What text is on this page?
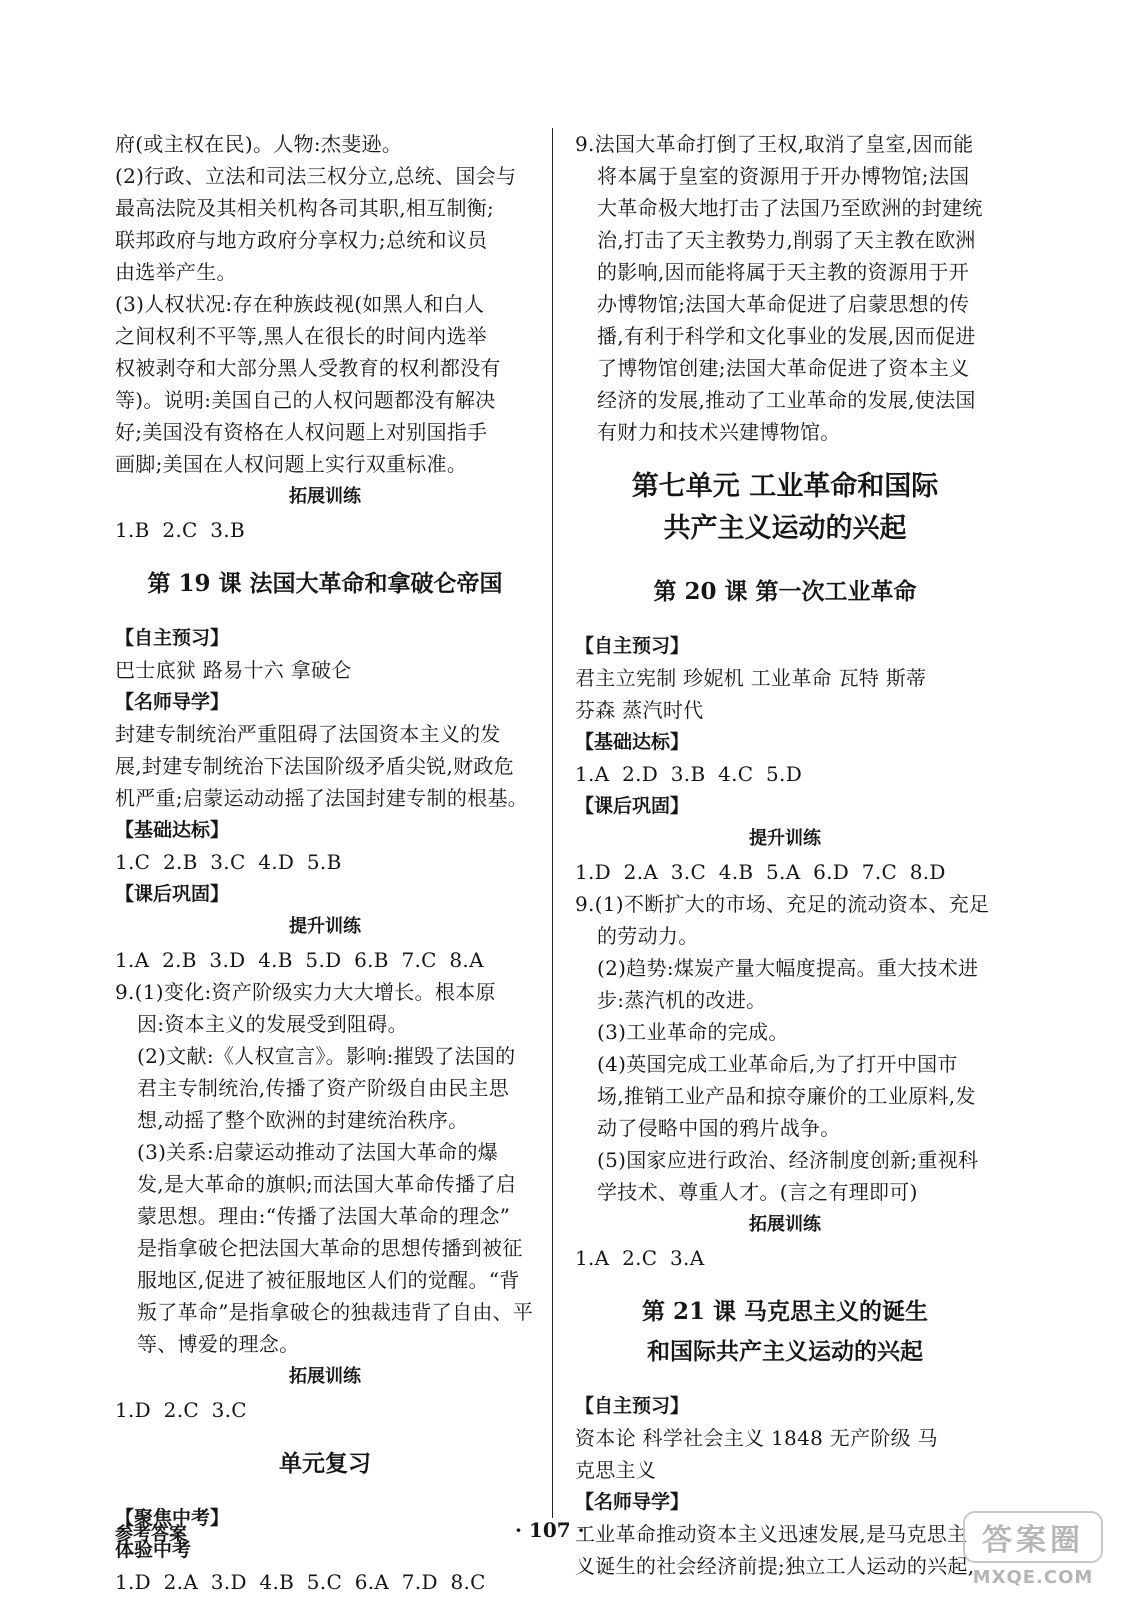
府(或主权在民)。人物:杰斐逊。
(2)行政、立法和司法三权分立,总统、国会与
最高法院及其相关机构各司其职,相互制衡;
联邦政府与地方政府分享权力;总统和议员
由选举产生。
(3)人权状况:存在种族歧视(如黑人和白人
之间权利不平等,黑人在很长的时间内选举
权被剥夺和大部分黑人受教育的权利都没有
等)。说明:美国自己的人权问题都没有解决
好;美国没有资格在人权问题上对别国指手
画脚;美国在人权问题上实行双重标准。
拓展训练
1.B 2.C 3.B
第 19 课 法国大革命和拿破仑帝国
【自主预习】
巴士底狱 路易十六 拿破仑
【名师导学】
封建专制统治严重阻碍了法国资本主义的发
展,封建专制统治下法国阶级矛盾尖锐,财政危
机严重;启蒙运动动摇了法国封建专制的根基。
【基础达标】
1.C 2.B 3.C 4.D 5.B
【课后巩固】
提升训练
1.A 2.B 3.D 4.B 5.D 6.B 7.C 8.A
9.(1)变化:资产阶级实力大大增长。根本原
因:资本主义的发展受到阻碍。
(2)文献:《人权宣言》。影响:摧毁了法国的
君主专制统治,传播了资产阶级自由民主思
想,动摇了整个欧洲的封建统治秩序。
(3)关系:启蒙运动推动了法国大革命的爆
发,是大革命的旗帜;而法国大革命传播了启
蒙思想。理由:“传播了法国大革命的理念”
是指拿破仑把法国大革命的思想传播到被征
服地区,促进了被征服地区人们的觉醒。“背
叛了革命”是指拿破仑的独裁违背了自由、平
等、博爱的理念。
拓展训练
1.D 2.C 3.C
单元复习
【聚焦中考】
体验中考
1.D 2.A 3.D 4.B 5.C 6.A 7.D 8.C
9.法国大革命打倒了王权,取消了皇室,因而能
将本属于皇室的资源用于开办博物馆;法国
大革命极大地打击了法国乃至欧洲的封建统
治,打击了天主教势力,削弱了天主教在欧洲
的影响,因而能将属于天主教的资源用于开
办博物馆;法国大革命促进了启蒙思想的传
播,有利于科学和文化事业的发展,因而促进
了博物馆创建;法国大革命促进了资本主义
经济的发展,推动了工业革命的发展,使法国
有财力和技术兴建博物馆。
第七单元 工业革命和国际
共产主义运动的兴起
第 20 课 第一次工业革命
【自主预习】
君主立宪制 珍妮机 工业革命 瓦特 斯蒂
芬森 蒸汽时代
【基础达标】
1.A 2.D 3.B 4.C 5.D
【课后巩固】
提升训练
1.D 2.A 3.C 4.B 5.A 6.D 7.C 8.D
9.(1)不断扩大的市场、充足的流动资本、充足
的劳动力。
(2)趋势:煤炭产量大幅度提高。重大技术进
步:蒸汽机的改进。
(3)工业革命的完成。
(4)英国完成工业革命后,为了打开中国市
场,推销工业产品和掠夺廉价的工业原料,发
动了侵略中国的鸦片战争。
(5)国家应进行政治、经济制度创新;重视科
学技术、尊重人才。(言之有理即可)
拓展训练
1.A 2.C 3.A
第 21 课 马克思主义的诞生
和国际共产主义运动的兴起
【自主预习】
资本论 科学社会主义 1848 无产阶级 马
克思主义
【名师导学】
工业革命推动资本主义迅速发展,是马克思主
义诞生的社会经济前提;独立工人运动的兴起,
参考答案	· 107 ·	答案圈
MXQE.COM
